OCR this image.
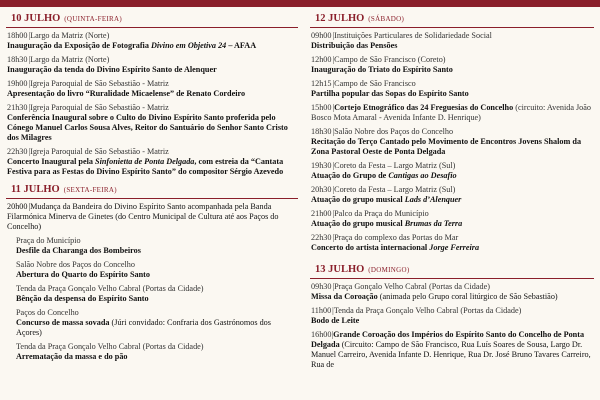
10 JULHO (QUINTA-FEIRA)
18h00|Largo da Matriz (Norte)
Inauguração da Exposição de Fotografia Divino em Objetiva 24 – AFAA
18h30|Largo da Matriz (Norte)
Inauguração da tenda do Divino Espírito Santo de Alenquer
19h00|Igreja Paroquial de São Sebastião - Matriz
Apresentação do livro “Ruralidade Micaelense” de Renato Cordeiro
21h30|Igreja Paroquial de São Sebastião - Matriz
Conferência Inaugural sobre o Culto do Divino Espírito Santo proferida pelo Cónego Manuel Carlos Sousa Alves, Reitor do Santuário do Senhor Santo Cristo dos Milagres
22h30|Igreja Paroquial de São Sebastião - Matriz
Concerto Inaugural pela Sinfonietta de Ponta Delgada, com estreia da “Cantata Festiva para as Festas do Divino Espírito Santo” do compositor Sérgio Azevedo
11 JULHO (SEXTA-FEIRA)
20h00|Mudança da Bandeira do Divino Espírito Santo acompanhada pela Banda Filarmónica Minerva de Ginetes (do Centro Municipal de Cultura até aos Paços do Concelho)
Praça do Município
Desfile da Charanga dos Bombeiros
Salão Nobre dos Paços do Concelho
Abertura do Quarto do Espírito Santo
Tenda da Praça Gonçalo Velho Cabral (Portas da Cidade)
Bênção da despensa do Espírito Santo
Paços do Concelho
Concurso de massa sovada (Júri convidado: Confraria dos Gastrónomos dos Açores)
Tenda da Praça Gonçalo Velho Cabral (Portas da Cidade)
Arrematação da massa e do pão
12 JULHO (SÁBADO)
09h00|Instituições Particulares de Solidariedade Social
Distribuição das Pensões
12h00|Campo de São Francisco (Coreto)
Inauguração do Triato do Espírito Santo
12h15|Campo de São Francisco
Partilha popular das Sopas do Espírito Santo
15h00|Cortejo Etnográfico das 24 Freguesias do Concelho (circuito: Avenida João Bosco Mota Amaral - Avenida Infante D. Henrique)
18h30|Salão Nobre dos Paços do Concelho
Recitação do Terço Cantado pelo Movimento de Encontros Jovens Shalom da Zona Pastoral Oeste de Ponta Delgada
19h30|Coreto da Festa – Largo Matriz (Sul)
Atuação do Grupo de Cantigas ao Desafio
20h30|Coreto da Festa – Largo Matriz (Sul)
Atuação do grupo musical Lads d’Alenquer
21h00|Palco da Praça do Município
Atuação do grupo musical Brumas da Terra
22h30|Praça do complexo das Portas do Mar
Concerto do artista internacional Jorge Ferreira
13 JULHO (DOMINGO)
09h30|Praça Gonçalo Velho Cabral (Portas da Cidade)
Missa da Coroação (animada pelo Grupo coral litúrgico de São Sebastião)
11h00|Tenda da Praça Gonçalo Velho Cabral (Portas da Cidade)
Bodo de Leite
16h00|Grande Coroação dos Impérios do Espírito Santo do Concelho de Ponta Delgada (Circuito: Campo de São Francisco, Rua Luís Soares de Sousa, Largo Dr. Manuel Carreiro, Avenida Infante D. Henrique, Rua Dr. José Bruno Tavares Carreiro, Rua de
